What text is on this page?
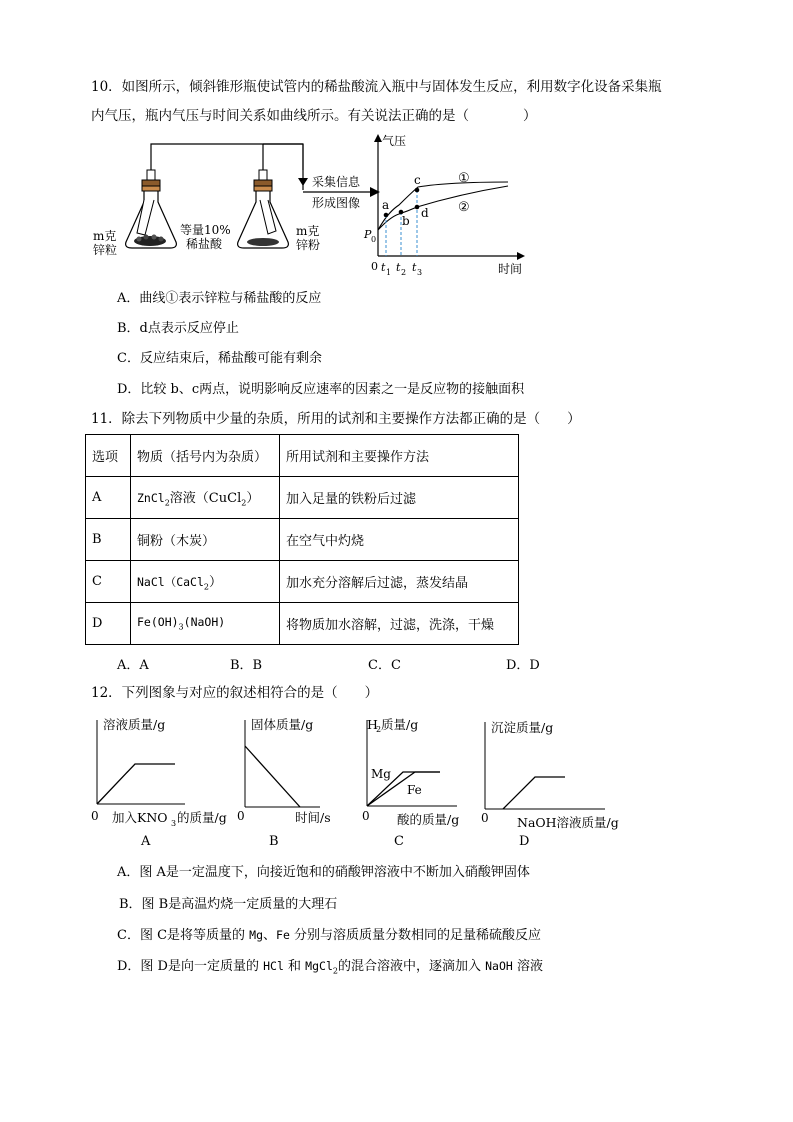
10．如图所示，倾斜锥形瓶使试管内的稀盐酸流入瓶中与固体发生反应，利用数字化设备采集瓶
内气压，瓶内气压与时间关系如曲线所示。有关说法正确的是（　　　　）
m克
锌粒
等量10%
稀盐酸
m克
锌粉
采集信息
形成图像
气压
时间
0
P 0
a
b
c
d
①
②
t 1 t 2 t 3
A．曲线①表示锌粒与稀盐酸的反应
B．d点表示反应停止
C．反应结束后，稀盐酸可能有剩余
D．比较 b、c两点，说明影响反应速率的因素之一是反应物的接触面积
11．除去下列物质中少量的杂质，所用的试剂和主要操作方法都正确的是（　　）
选项	物质（括号内为杂质）	所用试剂和主要操作方法
A	ZnCl$_2$溶液（CuCl$_2$）	加入足量的铁粉后过滤
B	铜粉（木炭）	在空气中灼烧
C	NaCl（CaCl$_2$）	加水充分溶解后过滤，蒸发结晶
D	$Fe(OH)_3(NaOH)$	将物质加水溶解，过滤，洗涤，干燥
A．A	B．B	C．C	D．D
12．下列图象与对应的叙述相符合的是（　　）
溶液质量/g
0 加入KNO 3 的质量/g
A
固体质量/g
0	时间/s
B
H
2 质量/g
Mg
Fe
0 酸的质量/g
C
沉淀质量/g
0 NaOH溶液质量/g
D
A．图 A是一定温度下，向接近饱和的硝酸钾溶液中不断加入硝酸钾固体
B．图 B是高温灼烧一定质量的大理石
C．图 C是将等质量的 Mg、Fe 分别与溶质质量分数相同的足量稀硫酸反应
D．图 D是向一定质量的 HCl 和 MgCl$_2$的混合溶液中，逐滴加入 NaOH 溶液
